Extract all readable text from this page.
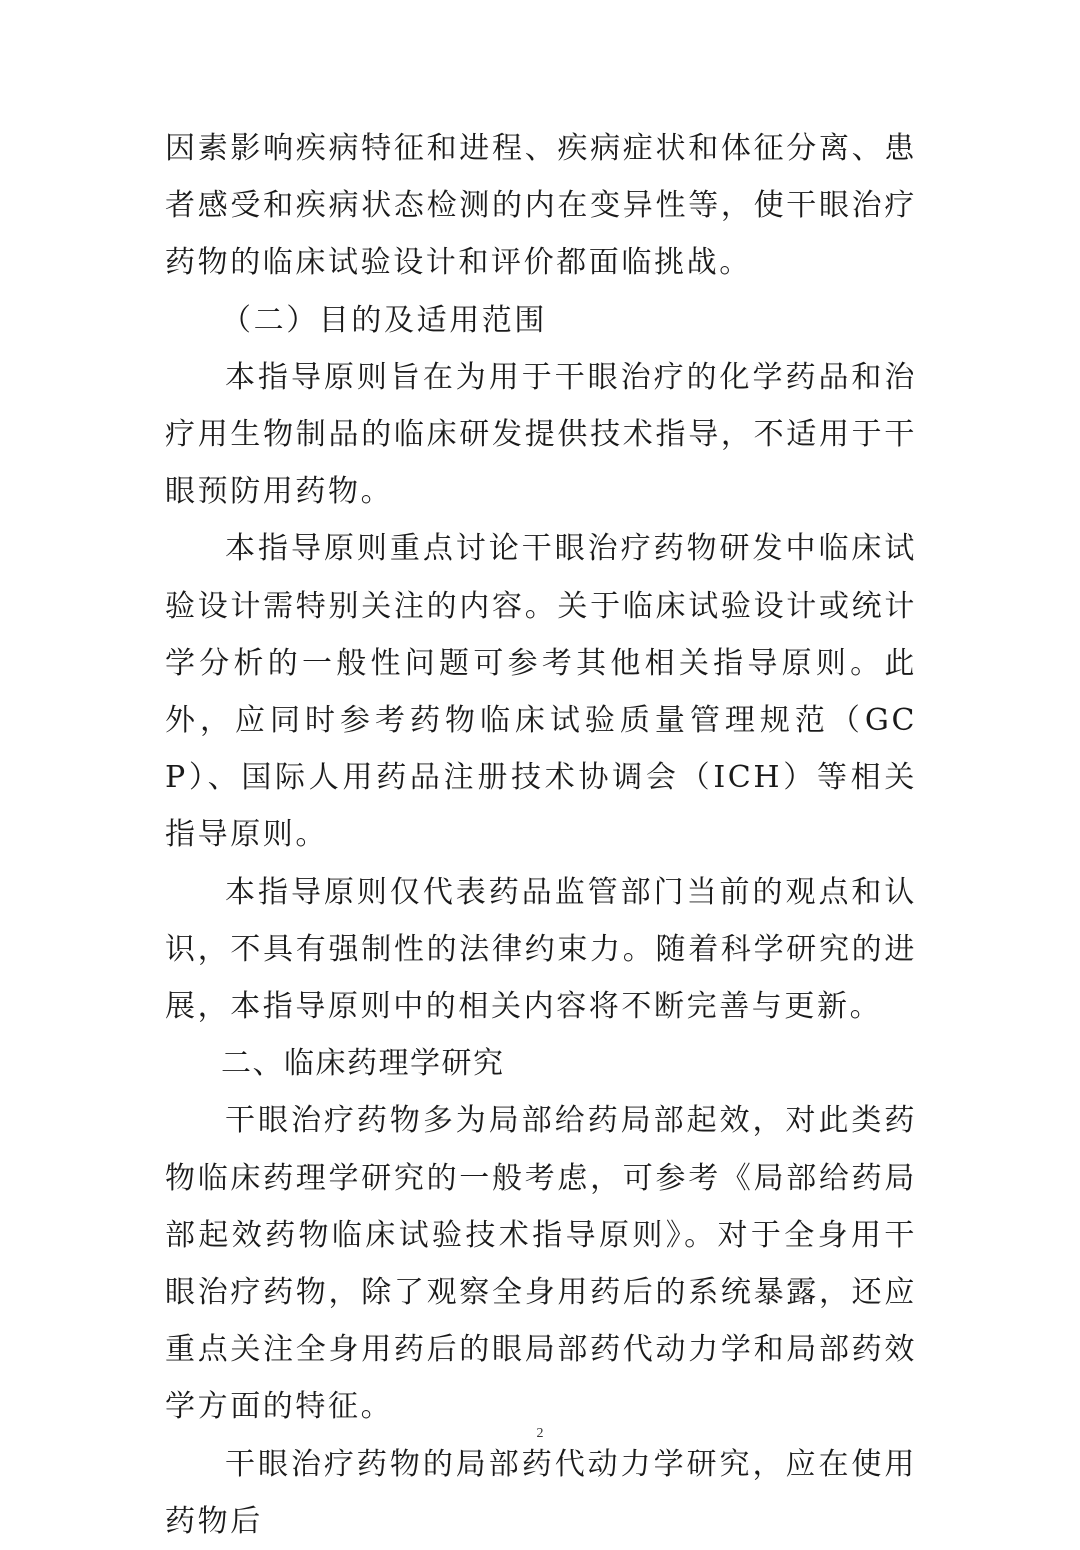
因素影响疾病特征和进程、疾病症状和体征分离、患者感受和疾病状态检测的内在变异性等，使干眼治疗药物的临床试验设计和评价都面临挑战。

（二）目的及适用范围

本指导原则旨在为用于干眼治疗的化学药品和治疗用生物制品的临床研发提供技术指导，不适用于干眼预防用药物。

本指导原则重点讨论干眼治疗药物研发中临床试验设计需特别关注的内容。关于临床试验设计或统计学分析的一般性问题可参考其他相关指导原则。此外，应同时参考药物临床试验质量管理规范（GCP）、国际人用药品注册技术协调会（ICH）等相关指导原则。

本指导原则仅代表药品监管部门当前的观点和认识，不具有强制性的法律约束力。随着科学研究的进展，本指导原则中的相关内容将不断完善与更新。

二、临床药理学研究

干眼治疗药物多为局部给药局部起效，对此类药物临床药理学研究的一般考虑，可参考《局部给药局部起效药物临床试验技术指导原则》。对于全身用干眼治疗药物，除了观察全身用药后的系统暴露，还应重点关注全身用药后的眼局部药代动力学和局部药效学方面的特征。

干眼治疗药物的局部药代动力学研究，应在使用药物后

2
